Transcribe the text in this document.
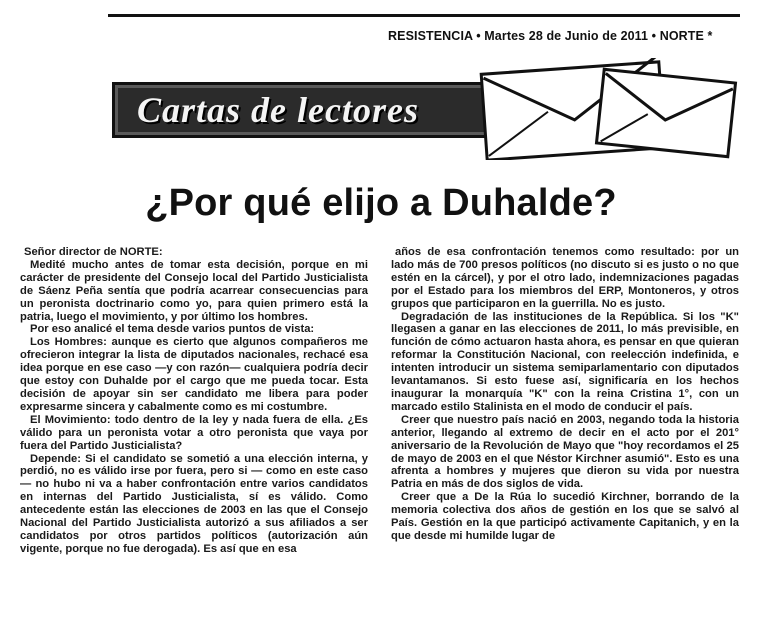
RESISTENCIA • Martes 28 de Junio de 2011 • NORTE *
Cartas de lectores
¿Por qué elijo a Duhalde?

Señor director de NORTE:

Medité mucho antes de tomar esta decisión, porque en mi carácter de presidente del Consejo local del Partido Justicialista de Sáenz Peña sentía que podría acarrear consecuencias para un peronista doctrinario como yo, para quien primero está la patria, luego el movimiento, y por último los hombres.

Por eso analicé el tema desde varios puntos de vista:

Los Hombres: aunque es cierto que algunos compañeros me ofrecieron integrar la lista de diputados nacionales, rechacé esa idea porque en ese caso —y con razón— cualquiera podría decir que estoy con Duhalde por el cargo que me pueda tocar. Esta decisión de apoyar sin ser candidato me libera para poder expresarme sincera y cabalmente como es mi costumbre.

El Movimiento: todo dentro de la ley y nada fuera de ella. ¿Es válido para un peronista votar a otro peronista que vaya por fuera del Partido Justicialista?

Depende: Si el candidato se sometió a una elección interna, y perdió, no es válido irse por fuera, pero si — como en este caso— no hubo ni va a haber confrontación entre varios candidatos en internas del Partido Justicialista, sí es válido. Como antecedente están las elecciones de 2003 en las que el Consejo Nacional del Partido Justicialista autorizó a sus afiliados a ser candidatos por otros partidos políticos (autorización aún vigente, porque no fue derogada). Es así que en esa

años de esa confrontación tenemos como resultado: por un lado más de 700 presos políticos (no discuto si es justo o no que estén en la cárcel), y por el otro lado, indemnizaciones pagadas por el Estado para los miembros del ERP, Montoneros, y otros grupos que participaron en la guerrilla. No es justo.

Degradación de las instituciones de la República. Si los "K" llegasen a ganar en las elecciones de 2011, lo más previsible, en función de cómo actuaron hasta ahora, es pensar en que quieran reformar la Constitución Nacional, con reelección indefinida, e intenten introducir un sistema semiparlamentario con diputados levantamanos. Si esto fuese así, significaría en los hechos inaugurar la monarquía "K" con la reina Cristina 1°, con un marcado estilo Stalinista en el modo de conducir el país.

Creer que nuestro país nació en 2003, negando toda la historia anterior, llegando al extremo de decir en el acto por el 201° aniversario de la Revolución de Mayo que "hoy recordamos el 25 de mayo de 2003 en el que Néstor Kirchner asumió". Esto es una afrenta a hombres y mujeres que dieron su vida por nuestra Patria en más de dos siglos de vida.

Creer que a De la Rúa lo sucedió Kirchner, borrando de la memoria colectiva dos años de gestión en los que se salvó al País. Gestión en la que participó activamente Capitanich, y en la que desde mi humilde lugar de
